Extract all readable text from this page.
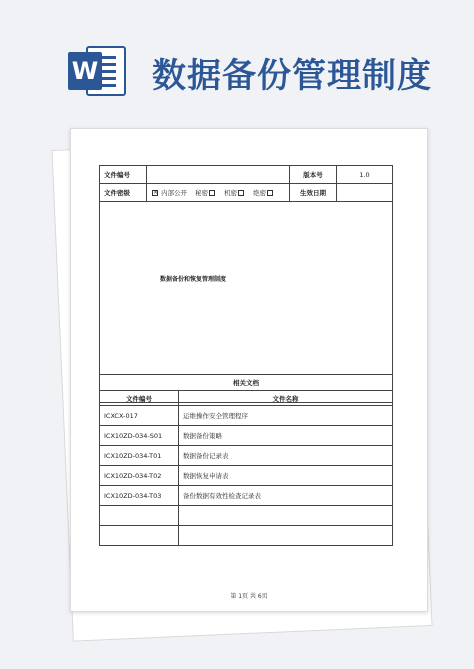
W 数据备份管理制度
文件编号		版本号	1.0
文件密级	× 内部公开 秘密 机密 绝密	生效日期	

数据备份和恢复管理制度			
相关文档	
文件编号	文件名称
ICXCX-017	运维操作安全管理程序
ICX10ZD-034-S01	数据备份策略
ICX10ZD-034-T01	数据备份记录表
ICX10ZD-034-T02	数据恢复申请表
ICX10ZD-034-T03	备份数据有效性检查记录表

第 1页 共 6页
